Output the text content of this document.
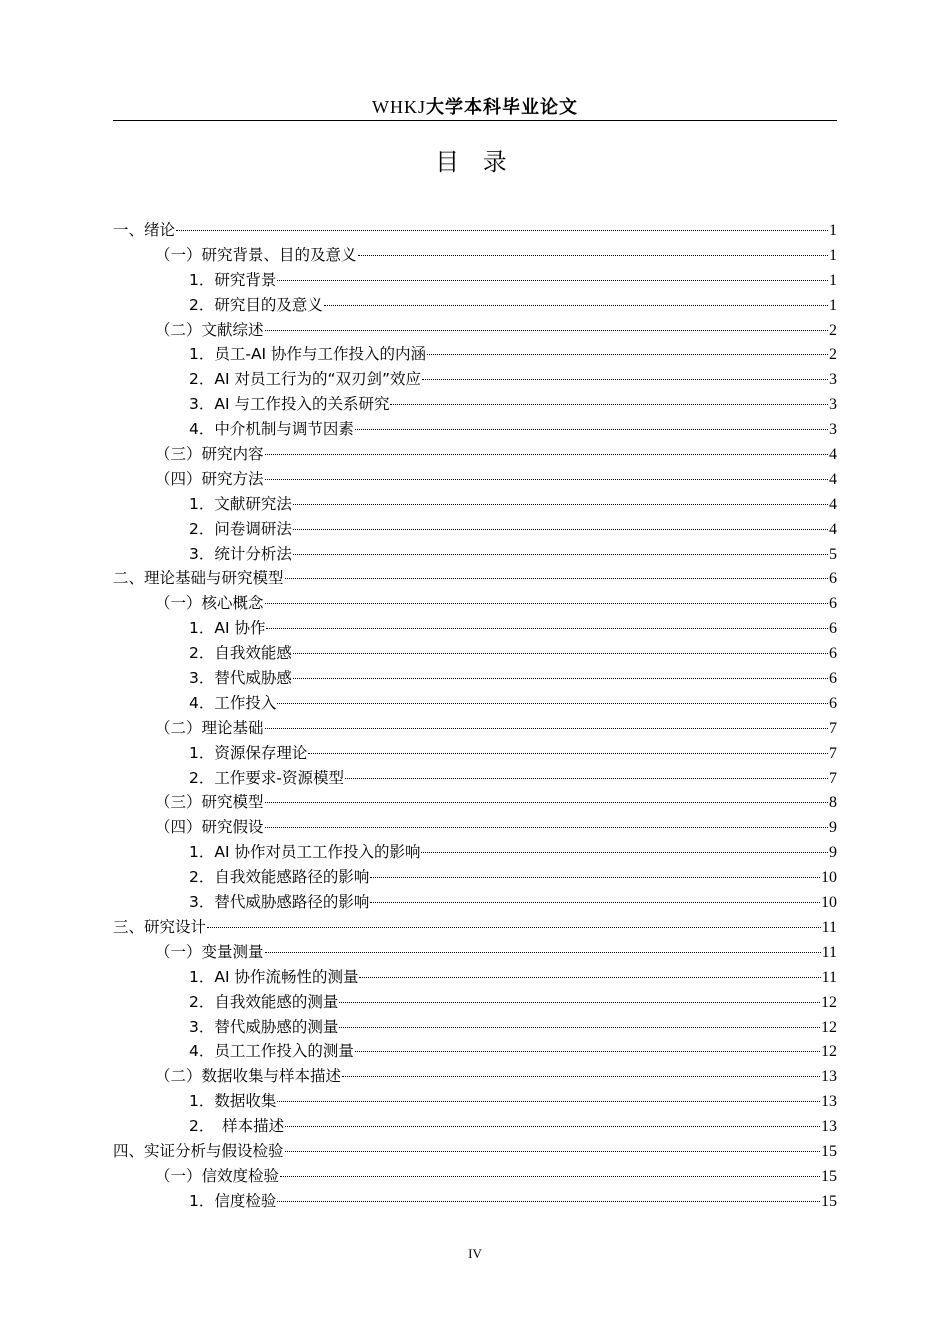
WHKJ大学本科毕业论文
目 录
一、绪论	1
（一）研究背景、目的及意义	1
1．研究背景	1
2．研究目的及意义	1
（二）文献综述	2
1．员工-AI 协作与工作投入的内涵	2
2．AI 对员工行为的“双刃剑”效应	3
3．AI 与工作投入的关系研究	3
4．中介机制与调节因素	3
（三）研究内容	4
（四）研究方法	4
1．文献研究法	4
2．问卷调研法	4
3．统计分析法	5
二、理论基础与研究模型	6
（一）核心概念	6
1．AI 协作	6
2．自我效能感	6
3．替代威胁感	6
4．工作投入	6
（二）理论基础	7
1．资源保存理论	7
2．工作要求-资源模型	7
（三）研究模型	8
（四）研究假设	9
1．AI 协作对员工工作投入的影响	9
2．自我效能感路径的影响	10
3．替代威胁感路径的影响	10
三、研究设计	11
（一）变量测量	11
1．AI 协作流畅性的测量	11
2．自我效能感的测量	12
3．替代威胁感的测量	12
4．员工工作投入的测量	12
（二）数据收集与样本描述	13
1．数据收集	13
2．　样本描述	13
四、实证分析与假设检验	15
（一）信效度检验	15
1．信度检验	15
IV
